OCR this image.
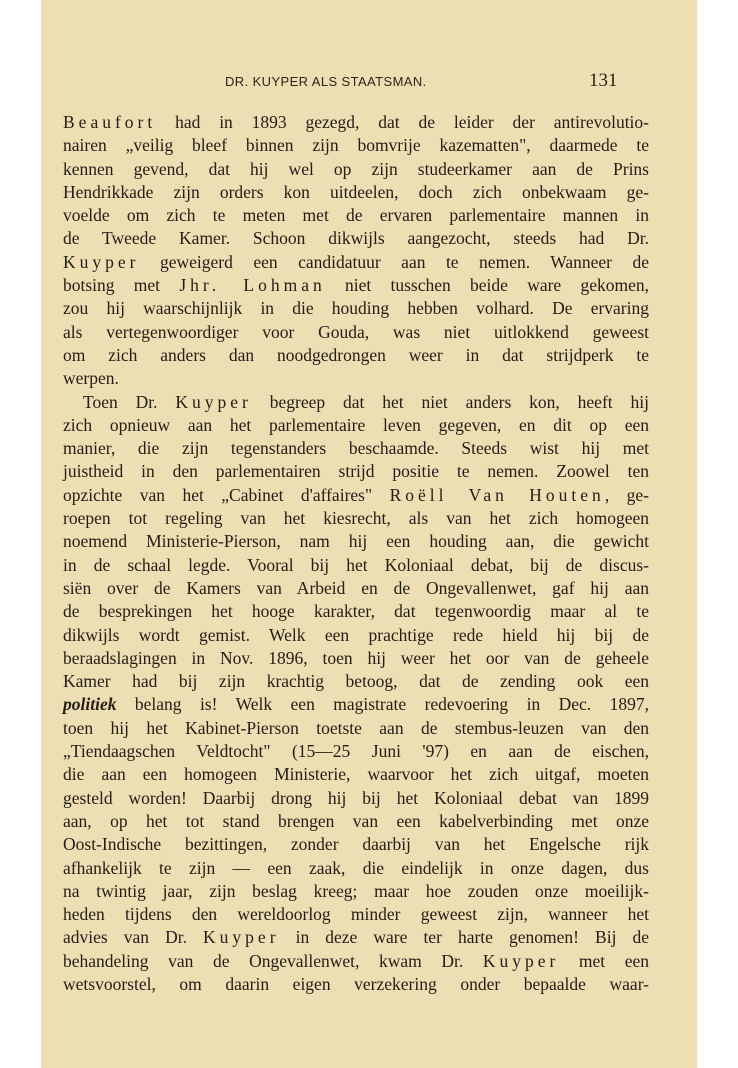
DR. KUYPER ALS STAATSMAN.	131
Beaufort had in 1893 gezegd, dat de leider der antirevolutio-
nairen „veilig bleef binnen zijn bomvrije kazematten", daarmede te
kennen gevend, dat hij wel op zijn studeerkamer aan de Prins
Hendrikkade zijn orders kon uitdeelen, doch zich onbekwaam ge-
voelde om zich te meten met de ervaren parlementaire mannen in
de Tweede Kamer. Schoon dikwijls aangezocht, steeds had Dr.
Kuyper geweigerd een candidatuur aan te nemen. Wanneer de
botsing met Jhr. Lohman niet tusschen beide ware gekomen,
zou hij waarschijnlijk in die houding hebben volhard. De ervaring
als vertegenwoordiger voor Gouda, was niet uitlokkend geweest
om zich anders dan noodgedrongen weer in dat strijdperk te
werpen.
Toen Dr. Kuyper begreep dat het niet anders kon, heeft hij
zich opnieuw aan het parlementaire leven gegeven, en dit op een
manier, die zijn tegenstanders beschaamde. Steeds wist hij met
juistheid in den parlementairen strijd positie te nemen. Zoowel ten
opzichte van het „Cabinet d'affaires" Roëll Van Houten, ge-
roepen tot regeling van het kiesrecht, als van het zich homogeen
noemend Ministerie-Pierson, nam hij een houding aan, die gewicht
in de schaal legde. Vooral bij het Koloniaal debat, bij de discus-
siën over de Kamers van Arbeid en de Ongevallenwet, gaf hij aan
de besprekingen het hooge karakter, dat tegenwoordig maar al te
dikwijls wordt gemist. Welk een prachtige rede hield hij bij de
beraadslagingen in Nov. 1896, toen hij weer het oor van de geheele
Kamer had bij zijn krachtig betoog, dat de zending ook een
politiek belang is! Welk een magistrate redevoering in Dec. 1897,
toen hij het Kabinet-Pierson toetste aan de stembus-leuzen van den
„Tiendaagschen Veldtocht" (15—25 Juni '97) en aan de eischen,
die aan een homogeen Ministerie, waarvoor het zich uitgaf, moeten
gesteld worden! Daarbij drong hij bij het Koloniaal debat van 1899
aan, op het tot stand brengen van een kabelverbinding met onze
Oost-Indische bezittingen, zonder daarbij van het Engelsche rijk
afhankelijk te zijn — een zaak, die eindelijk in onze dagen, dus
na twintig jaar, zijn beslag kreeg; maar hoe zouden onze moeilijk-
heden tijdens den wereldoorlog minder geweest zijn, wanneer het
advies van Dr. Kuyper in deze ware ter harte genomen! Bij de
behandeling van de Ongevallenwet, kwam Dr. Kuyper met een
wetsvoorstel, om daarin eigen verzekering onder bepaalde waar-
